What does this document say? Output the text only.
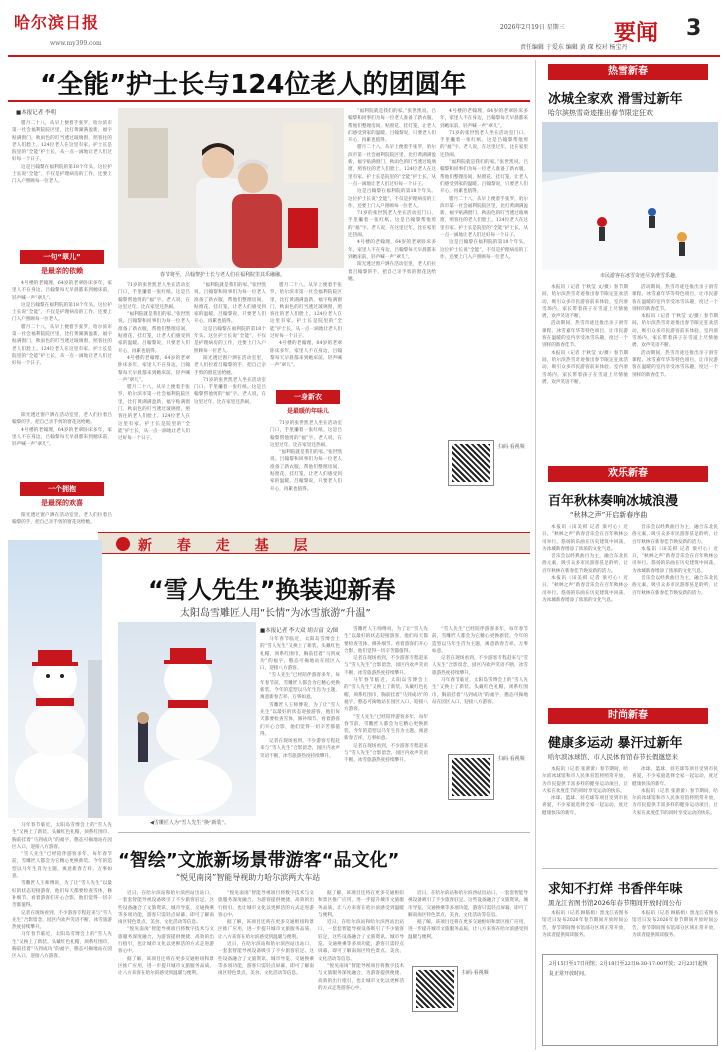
哈尔滨日报
www.my399.com
2026年2月19日 星期三
责任编辑 于爱东 编辑 黄 琛 校对 杨宝丹
要闻 3
“全能”护士长与124位老人的团圆年
■本报记者 李明

腊月二十八，从早上便着手张罗，哈尔滨市第一社会福利院院区里，比打黄湖满盈新，福字贴满窗门，秋雨色的叮当透过玻璃窗，照客往的老人们脸上。124位老人在这里有家。护士长是院里的“全能”护士长，从一点一滴地让老人们过好每一个日子。

这是吕翰黎在福利院的第18个年头。这位护士长说“全能”，不仅是护理病房的工作，还要上门入户照顾每一位老人。

一句“翠儿”
是最亲的依赖

4号楼的老翰理，64岁的老翠卧床多年，家里人不在身边，吕翰黎每天早晨都来到她床前，轻声喊一声“翠儿”。

这是吕翰黎在福利院的第18个年头。这位护士长说“全能”，不仅是护理病房的工作，还要上门入户照顾每一位老人。

腊月二十八，从早上便着手张罗，哈尔滨市第一社会福利院院区里，比打黄湖满盈新，福字贴满窗门，秋雨色的叮当透过玻璃窗，照客往的老人们脸上。124位老人在这里有家。护士长是院里的“全能”护士长，从一点一滴地让老人们过好每一个日子。

一个拥抱
是最深的欢喜

阳光透过窗户洒在活动室里，老人们拉着吕翰黎的手，把自己亲手剪的窗花送给她。

阳光透过窗户洒在活动室里，老人们拉着吕翰黎的手，把自己亲手剪的窗花送给她。

4号楼的老翰理，64岁的老翠卧床多年，家里人不在身边，吕翰黎每天早晨都来到她床前，轻声喊一声“翠儿”。

春节将至，吕翰黎护士长与老人们在福利院里其乐融融。

71岁的张世凯老人坐在活动室门口，手里攥着一张红纸。这是吕翰黎帮他剪的“福”字。老人说，在这里过年，比在家里还热闹。

“福利院就是我们的家。”张世凯说。吕翰黎和同事们为每一位老人准备了新衣服，帮他们整理房间，贴窗花、挂灯笼，让老人们感受到家的温暖。吕翰黎说，只要老人们开心，再累也值得。

4号楼的老翰理，64岁的老翠卧床多年，家里人不在身边，吕翰黎每天早晨都来到她床前，轻声喊一声“翠儿”。

腊月二十八，从早上便着手张罗，哈尔滨市第一社会福利院院区里，比打黄湖满盈新，福字贴满窗门，秋雨色的叮当透过玻璃窗，照客往的老人们脸上。124位老人在这里有家。护士长是院里的“全能”护士长，从一点一滴地让老人们过好每一个日子。

“福利院就是我们的家。”张世凯说。吕翰黎和同事们为每一位老人准备了新衣服，帮他们整理房间，贴窗花、挂灯笼，让老人们感受到家的温暖。吕翰黎说，只要老人们开心，再累也值得。

这是吕翰黎在福利院的第18个年头。这位护士长说“全能”，不仅是护理病房的工作，还要上门入户照顾每一位老人。

阳光透过窗户洒在活动室里，老人们拉着吕翰黎的手，把自己亲手剪的窗花送给她。

71岁的张世凯老人坐在活动室门口，手里攥着一张红纸。这是吕翰黎帮他剪的“福”字。老人说，在这里过年，比在家里还热闹。

腊月二十八，从早上便着手张罗，哈尔滨市第一社会福利院院区里，比打黄湖满盈新，福字贴满窗门，秋雨色的叮当透过玻璃窗，照客往的老人们脸上。124位老人在这里有家。护士长是院里的“全能”护士长，从一点一滴地让老人们过好每一个日子。

4号楼的老翰理，64岁的老翠卧床多年，家里人不在身边，吕翰黎每天早晨都来到她床前，轻声喊一声“翠儿”。

一身新衣
是最暖的年味儿

71岁的张世凯老人坐在活动室门口，手里攥着一张红纸。这是吕翰黎帮他剪的“福”字。老人说，在这里过年，比在家里还热闹。

“福利院就是我们的家。”张世凯说。吕翰黎和同事们为每一位老人准备了新衣服，帮他们整理房间，贴窗花、挂灯笼，让老人们感受到家的温暖。吕翰黎说，只要老人们开心，再累也值得。

“福利院就是我们的家。”张世凯说。吕翰黎和同事们为每一位老人准备了新衣服，帮他们整理房间，贴窗花、挂灯笼，让老人们感受到家的温暖。吕翰黎说，只要老人们开心，再累也值得。

腊月二十八，从早上便着手张罗，哈尔滨市第一社会福利院院区里，比打黄湖满盈新，福字贴满窗门，秋雨色的叮当透过玻璃窗，照客往的老人们脸上。124位老人在这里有家。护士长是院里的“全能”护士长，从一点一滴地让老人们过好每一个日子。

这是吕翰黎在福利院的第18个年头。这位护士长说“全能”，不仅是护理病房的工作，还要上门入户照顾每一位老人。

71岁的张世凯老人坐在活动室门口，手里攥着一张红纸。这是吕翰黎帮他剪的“福”字。老人说，在这里过年，比在家里还热闹。

4号楼的老翰理，64岁的老翠卧床多年，家里人不在身边，吕翰黎每天早晨都来到她床前，轻声喊一声“翠儿”。

阳光透过窗户洒在活动室里，老人们拉着吕翰黎的手，把自己亲手剪的窗花送给她。

4号楼的老翰理，64岁的老翠卧床多年，家里人不在身边，吕翰黎每天早晨都来到她床前，轻声喊一声“翠儿”。

71岁的张世凯老人坐在活动室门口，手里攥着一张红纸。这是吕翰黎帮他剪的“福”字。老人说，在这里过年，比在家里还热闹。

“福利院就是我们的家。”张世凯说。吕翰黎和同事们为每一位老人准备了新衣服，帮他们整理房间，贴窗花、挂灯笼，让老人们感受到家的温暖。吕翰黎说，只要老人们开心，再累也值得。

腊月二十八，从早上便着手张罗，哈尔滨市第一社会福利院院区里，比打黄湖满盈新，福字贴满窗门，秋雨色的叮当透过玻璃窗，照客往的老人们脸上。124位老人在这里有家。护士长是院里的“全能”护士长，从一点一滴地让老人们过好每一个日子。

这是吕翰黎在福利院的第18个年头。这位护士长说“全能”，不仅是护理病房的工作，还要上门入户照顾每一位老人。

扫码·看视频
新 春 走 基 层
“雪人先生”换装迎新春
太阳岛雪雕匠人用“长情”为冰雪旅游“升温”
◀雪雕匠人为“雪人先生”换“新装”。
■本报记者 李大双 胡吉富 文/图

马年春节临近，太阳岛雪博会上的“雪人先生”又换上了新装。头戴红色礼帽，颈系红围巾，胸前挂着“马到成功”的福字，憨态可掬地站在园区入口，迎接八方游客。

“雪人先生”已经陪伴游客多年，每年春节前，雪雕匠人都会为它精心更换新装。今年的造型以马年生肖为主题，寓意新春吉祥、万事如意。

雪雕匠人王师傅说，为了让“雪人先生”以最好的状态迎接游客，他们每天都要检查雪体，修补细节。看着游客们开心合影，他们觉得一切辛苦都值得。

记者在现场看到，不少游客专程赶来与“雪人先生”合影留念，园区内欢声笑语不断，冰雪旅游热度持续攀升。

雪雕匠人王师傅说，为了让“雪人先生”以最好的状态迎接游客，他们每天都要检查雪体，修补细节。看着游客们开心合影，他们觉得一切辛苦都值得。

记者在现场看到，不少游客专程赶来与“雪人先生”合影留念，园区内欢声笑语不断，冰雪旅游热度持续攀升。

马年春节临近，太阳岛雪博会上的“雪人先生”又换上了新装。头戴红色礼帽，颈系红围巾，胸前挂着“马到成功”的福字，憨态可掬地站在园区入口，迎接八方游客。

“雪人先生”已经陪伴游客多年，每年春节前，雪雕匠人都会为它精心更换新装。今年的造型以马年生肖为主题，寓意新春吉祥、万事如意。

记者在现场看到，不少游客专程赶来与“雪人先生”合影留念，园区内欢声笑语不断，冰雪旅游热度持续攀升。

“雪人先生”已经陪伴游客多年，每年春节前，雪雕匠人都会为它精心更换新装。今年的造型以马年生肖为主题，寓意新春吉祥、万事如意。

记者在现场看到，不少游客专程赶来与“雪人先生”合影留念，园区内欢声笑语不断，冰雪旅游热度持续攀升。

马年春节临近，太阳岛雪博会上的“雪人先生”又换上了新装。头戴红色礼帽，颈系红围巾，胸前挂着“马到成功”的福字，憨态可掬地站在园区入口，迎接八方游客。

扫码·看视频

马年春节临近，太阳岛雪博会上的“雪人先生”又换上了新装。头戴红色礼帽，颈系红围巾，胸前挂着“马到成功”的福字，憨态可掬地站在园区入口，迎接八方游客。

“雪人先生”已经陪伴游客多年，每年春节前，雪雕匠人都会为它精心更换新装。今年的造型以马年生肖为主题，寓意新春吉祥、万事如意。

雪雕匠人王师傅说，为了让“雪人先生”以最好的状态迎接游客，他们每天都要检查雪体，修补细节。看着游客们开心合影，他们觉得一切辛苦都值得。

记者在现场看到，不少游客专程赶来与“雪人先生”合影留念，园区内欢声笑语不断，冰雪旅游热度持续攀升。

马年春节临近，太阳岛雪博会上的“雪人先生”又换上了新装。头戴红色礼帽，颈系红围巾，胸前挂着“马到成功”的福字，憨态可掬地站在园区入口，迎接八方游客。

“智绘”文旅新场景带游客“品文化”
“悦见南岗”智能导视助力哈尔滨两大车站

近日，在哈尔滨站和哈尔滨西站出站口，一套套智能导视设备吸引了不少旅客驻足。这些设备融合了文旅资讯、城市导览、交通换乘等多项功能，游客只需轻点屏幕，即可了解南岗区特色景点、美食、文化活动等信息。

“悦见南岗”智能导视项目将数字技术与文旅服务深度融合，为游客提供便捷、高效的出行指引，也让城市文化以更鲜活的方式走进游客心中。

据了解，该项目还将在更多交通枢纽和景区推广应用，进一步提升城市文旅服务品质，让八方来客在哈尔滨感受到温暖与便利。

“悦见南岗”智能导视项目将数字技术与文旅服务深度融合，为游客提供便捷、高效的出行指引，也让城市文化以更鲜活的方式走进游客心中。

据了解，该项目还将在更多交通枢纽和景区推广应用，进一步提升城市文旅服务品质，让八方来客在哈尔滨感受到温暖与便利。

近日，在哈尔滨站和哈尔滨西站出站口，一套套智能导视设备吸引了不少旅客驻足。这些设备融合了文旅资讯、城市导览、交通换乘等多项功能，游客只需轻点屏幕，即可了解南岗区特色景点、美食、文化活动等信息。

据了解，该项目还将在更多交通枢纽和景区推广应用，进一步提升城市文旅服务品质，让八方来客在哈尔滨感受到温暖与便利。

近日，在哈尔滨站和哈尔滨西站出站口，一套套智能导视设备吸引了不少旅客驻足。这些设备融合了文旅资讯、城市导览、交通换乘等多项功能，游客只需轻点屏幕，即可了解南岗区特色景点、美食、文化活动等信息。

“悦见南岗”智能导视项目将数字技术与文旅服务深度融合，为游客提供便捷、高效的出行指引，也让城市文化以更鲜活的方式走进游客心中。

近日，在哈尔滨站和哈尔滨西站出站口，一套套智能导视设备吸引了不少旅客驻足。这些设备融合了文旅资讯、城市导览、交通换乘等多项功能，游客只需轻点屏幕，即可了解南岗区特色景点、美食、文化活动等信息。

据了解，该项目还将在更多交通枢纽和景区推广应用，进一步提升城市文旅服务品质，让八方来客在哈尔滨感受到温暖与便利。

扫码·看视频
热雪新春
冰城全家欢 滑雪过新年
哈尔滨热雪奇迹推出春节限定狂欢
市民游客在冰雪奇迹尽享滑雪乐趣。

本报讯（记者 于秋莹 文/摄）春节期间，哈尔滨热雪奇迹推出春节限定狂欢活动，吸引众多市民游客前来体验。室内滑雪场内，家长带着孩子在雪道上尽情驰骋，欢声笑语不断。

活动期间，热雪奇迹还推出亲子滑雪课程、冰雪嘉年华等特色项目，让市民游客在温暖的室内享受冰雪乐趣，度过一个别样的新春佳节。

本报讯（记者 于秋莹 文/摄）春节期间，哈尔滨热雪奇迹推出春节限定狂欢活动，吸引众多市民游客前来体验。室内滑雪场内，家长带着孩子在雪道上尽情驰骋，欢声笑语不断。

活动期间，热雪奇迹还推出亲子滑雪课程、冰雪嘉年华等特色项目，让市民游客在温暖的室内享受冰雪乐趣，度过一个别样的新春佳节。

本报讯（记者 于秋莹 文/摄）春节期间，哈尔滨热雪奇迹推出春节限定狂欢活动，吸引众多市民游客前来体验。室内滑雪场内，家长带着孩子在雪道上尽情驰骋，欢声笑语不断。

活动期间，热雪奇迹还推出亲子滑雪课程、冰雪嘉年华等特色项目，让市民游客在温暖的室内享受冰雪乐趣，度过一个别样的新春佳节。

欢乐新春
百年秋林奏响冰城浪漫
“秋林之声”开启新春序曲

本报讯（田美祺 记者 梁可心）近日，“秋林之声”新春音乐会在百年秋林公司举行。悠扬的乐曲在历史建筑中回荡，为冰城新春增添了浓浓的文化气息。

音乐会以经典曲目为主，融合东北民俗元素，吸引众多市民游客驻足聆听，让百年秋林在新春佳节焕发新的活力。

本报讯（田美祺 记者 梁可心）近日，“秋林之声”新春音乐会在百年秋林公司举行。悠扬的乐曲在历史建筑中回荡，为冰城新春增添了浓浓的文化气息。

音乐会以经典曲目为主，融合东北民俗元素，吸引众多市民游客驻足聆听，让百年秋林在新春佳节焕发新的活力。

本报讯（田美祺 记者 梁可心）近日，“秋林之声”新春音乐会在百年秋林公司举行。悠扬的乐曲在历史建筑中回荡，为冰城新春增添了浓浓的文化气息。

音乐会以经典曲目为主，融合东北民俗元素，吸引众多市民游客驻足聆听，让百年秋林在新春佳节焕发新的活力。

时尚新春
健康多运动 暴汗过新年
哈尔滨冰球馆、市人民体育馆春节长假邀您来

本报讯（记者 张蕾蕾）春节期间，哈尔滨冰球馆和市人民体育馆将照常开放，为市民提供丰富多样的健身运动项目，让大家在欢度佳节的同时享受运动的快乐。

冰球、篮球、羽毛球等项目受到市民喜爱，不少家庭选择全家一起运动，度过健康快乐的新年。

冰球、篮球、羽毛球等项目受到市民喜爱，不少家庭选择全家一起运动，度过健康快乐的新年。

本报讯（记者 张蕾蕾）春节期间，哈尔滨冰球馆和市人民体育馆将照常开放，为市民提供丰富多样的健身运动项目，让大家在欢度佳节的同时享受运动的快乐。

求知不打烊 书香伴年味
黑龙江省图书馆2026年春节期间开放时间公布

本报讯（记者 顾临娟）黑龙江省图书馆近日发布2026年春节期间开放时间公告，春节期间图书馆部分区域正常开放，为读者提供阅读服务。

本报讯（记者 顾临娟）黑龙江省图书馆近日发布2026年春节期间开放时间公告，春节期间图书馆部分区域正常开放，为读者提供阅读服务。

2月15日至17日闭馆；2月18日至22日8:30-17:00开放；2月23日起恢复正常开放时间。
